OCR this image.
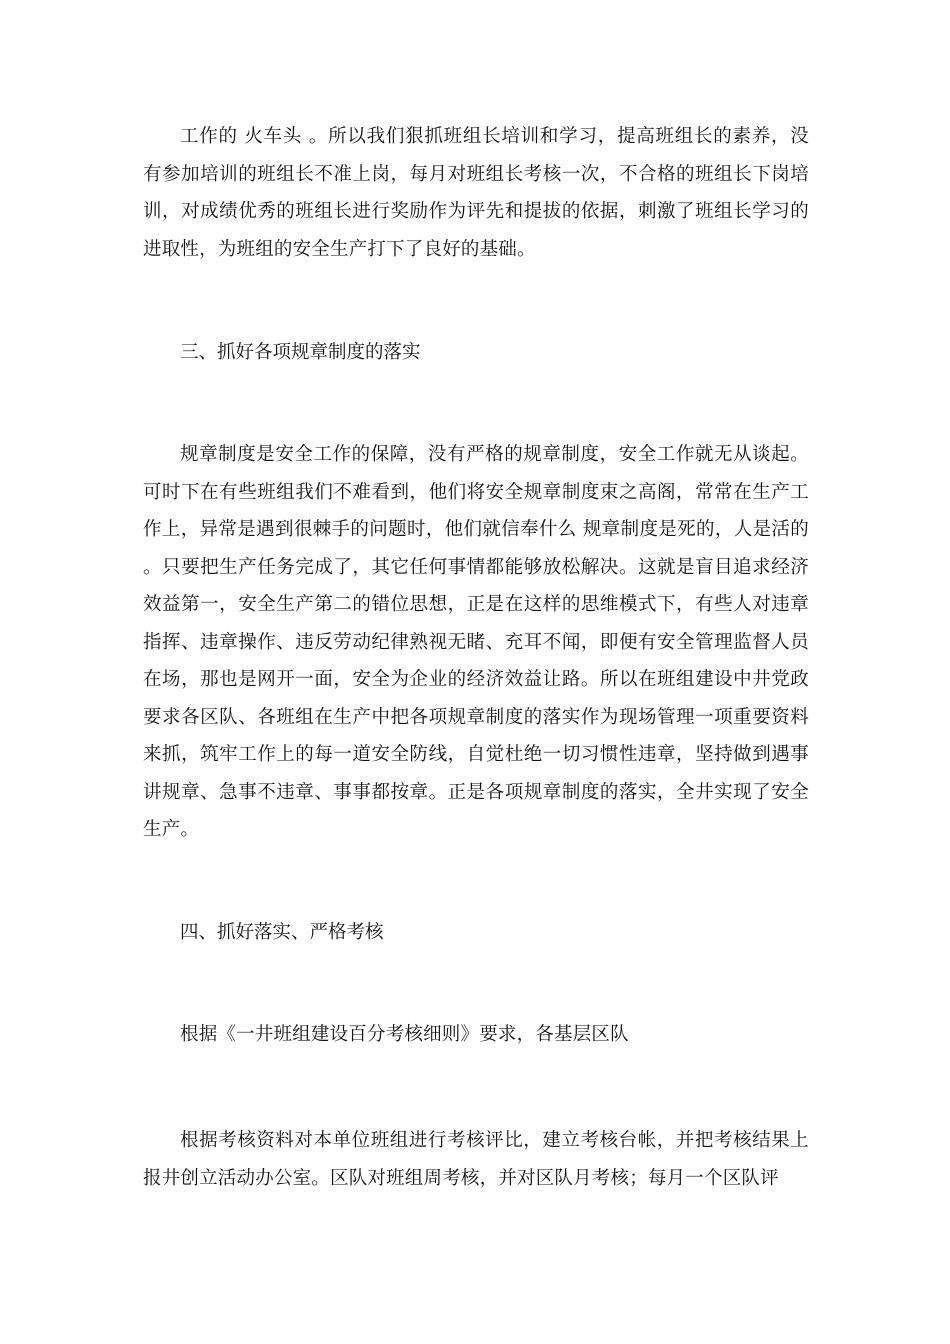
工作的 火车头 。所以我们狠抓班组长培训和学习，提高班组长的素养，没有参加培训的班组长不准上岗，每月对班组长考核一次，不合格的班组长下岗培训，对成绩优秀的班组长进行奖励作为评先和提拔的依据，刺激了班组长学习的进取性，为班组的安全生产打下了良好的基础。

三、抓好各项规章制度的落实

规章制度是安全工作的保障，没有严格的规章制度，安全工作就无从谈起。可时下在有些班组我们不难看到，他们将安全规章制度束之高阁，常常在生产工作上，异常是遇到很棘手的问题时，他们就信奉什么 规章制度是死的，人是活的 。只要把生产任务完成了，其它任何事情都能够放松解决。这就是盲目追求经济效益第一，安全生产第二的错位思想，正是在这样的思维模式下，有些人对违章指挥、违章操作、违反劳动纪律熟视无睹、充耳不闻，即便有安全管理监督人员在场，那也是网开一面，安全为企业的经济效益让路。所以在班组建设中井党政要求各区队、各班组在生产中把各项规章制度的落实作为现场管理一项重要资料来抓，筑牢工作上的每一道安全防线，自觉杜绝一切习惯性违章，坚持做到遇事讲规章、急事不违章、事事都按章。正是各项规章制度的落实，全井实现了安全生产。

四、抓好落实、严格考核

根据《一井班组建设百分考核细则》要求，各基层区队

根据考核资料对本单位班组进行考核评比，建立考核台帐，并把考核结果上报井创立活动办公室。区队对班组周考核，并对区队月考核；每月一个区队评
